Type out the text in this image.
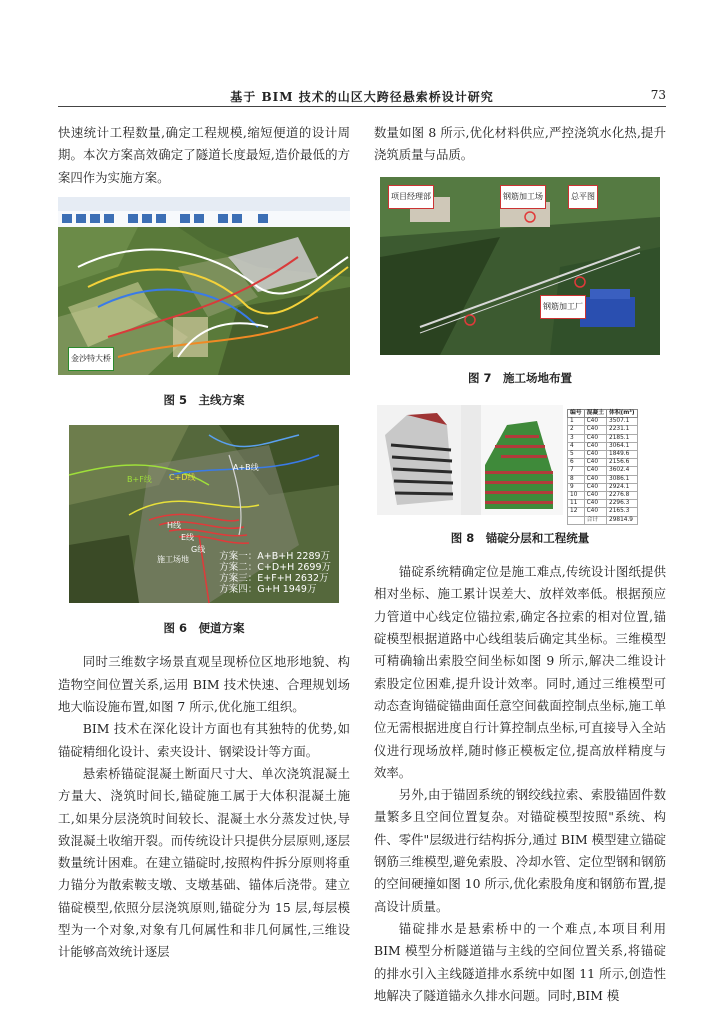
基于 BIM 技术的山区大跨径悬索桥设计研究	73

快速统计工程数量,确定工程规模,缩短便道的设计周期。本次方案高效确定了隧道长度最短,造价最低的方案四作为实施方案。

金沙特大桥
图 5　主线方案
B+F线 C+D线
A+B线
H线
E线
G线
施工场地	方案一：A+B+H 2289万
方案二：C+D+H 2699万
方案三：E+F+H 2632万
方案四：G+H 1949万
图 6　便道方案

同时三维数字场景直观呈现桥位区地形地貌、构造物空间位置关系,运用 BIM 技术快速、合理规划场地大临设施布置,如图 7 所示,优化施工组织。

BIM 技术在深化设计方面也有其独特的优势,如锚碇精细化设计、索夹设计、钢梁设计等方面。

悬索桥锚碇混凝土断面尺寸大、单次浇筑混凝土方量大、浇筑时间长,锚碇施工属于大体积混凝土施工,如果分层浇筑时间较长、混凝土水分蒸发过快,导致混凝土收缩开裂。而传统设计只提供分层原则,逐层数量统计困难。在建立锚碇时,按照构件拆分原则将重力锚分为散索鞍支墩、支墩基础、锚体后浇带。建立锚碇模型,依照分层浇筑原则,锚碇分为 15 层,每层模型为一个对象,对象有几何属性和非几何属性,三维设计能够高效统计逐层

数量如图 8 所示,优化材料供应,严控浇筑水化热,提升浇筑质量与品质。

项目经理部	钢筋加工场	总平图
钢筋加工厂
图 7　施工场地布置
编号	混凝土	体积(m³)
1	C40	3507.1
2	C40	2231.1
3	C40	2185.1
4	C40	3064.1
5	C40	1849.6
6	C40	2156.6
7	C40	3602.4
8	C40	3086.1
9	C40	2924.1
10	C40	2276.8
11	C40	2296.3
12	C40	2165.3
	合计	29814.9
图 8　锚碇分层和工程统量

锚碇系统精确定位是施工难点,传统设计图纸提供相对坐标、施工累计误差大、放样效率低。根据预应力管道中心线定位锚拉索,确定各拉索的相对位置,锚碇模型根据道路中心线组装后确定其坐标。三维模型可精确输出索股空间坐标如图 9 所示,解决二维设计索股定位困难,提升设计效率。同时,通过三维模型可动态查询锚碇锚曲面任意空间截面控制点坐标,施工单位无需根据进度自行计算控制点坐标,可直接导入全站仪进行现场放样,随时修正模板定位,提高放样精度与效率。

另外,由于锚固系统的钢绞线拉索、索股锚固件数量繁多且空间位置复杂。对锚碇模型按照"系统、构件、零件"层级进行结构拆分,通过 BIM 模型建立锚碇钢筋三维模型,避免索股、冷却水管、定位型钢和钢筋的空间硬撞如图 10 所示,优化索股角度和钢筋布置,提高设计质量。

锚碇排水是悬索桥中的一个难点,本项目利用 BIM 模型分析隧道锚与主线的空间位置关系,将锚碇的排水引入主线隧道排水系统中如图 11 所示,创造性地解决了隧道锚永久排水问题。同时,BIM 模
